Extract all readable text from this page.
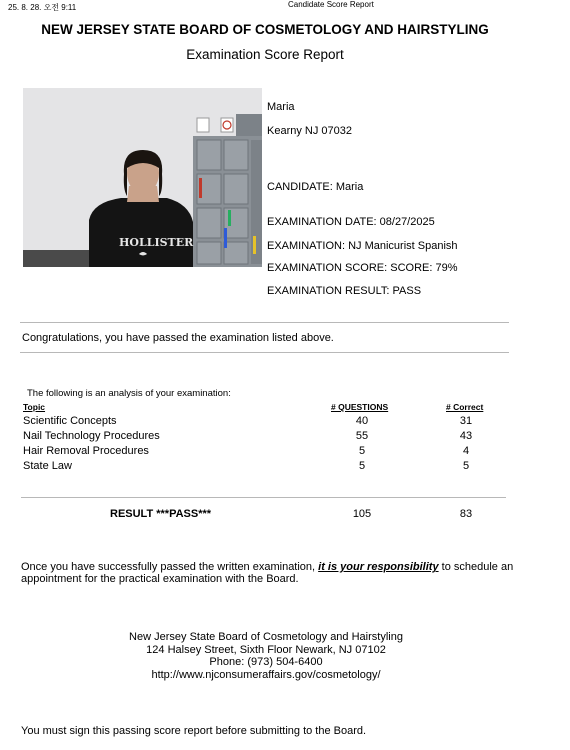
25. 8. 28. 오전 9:11	Candidate Score Report
NEW JERSEY STATE BOARD OF COSMETOLOGY AND HAIRSTYLING
Examination Score Report
HOLLISTER
Maria
Kearny NJ 07032
CANDIDATE: Maria
EXAMINATION DATE: 08/27/2025
EXAMINATION: NJ Manicurist Spanish
EXAMINATION SCORE: SCORE: 79%
EXAMINATION RESULT: PASS
Congratulations, you have passed the examination listed above.
The following is an analysis of your examination:
Topic	# QUESTIONS	# Correct
Scientific Concepts	40	31
Nail Technology Procedures	55	43
Hair Removal Procedures	5	4
State Law	5	5
RESULT ***PASS***	105	83
Once you have successfully passed the written examination, it is your responsibility to schedule an appointment for the practical examination with the Board.
New Jersey State Board of Cosmetology and Hairstyling
124 Halsey Street, Sixth Floor Newark, NJ 07102
Phone: (973) 504-6400
http://www.njconsumeraffairs.gov/cosmetology/
You must sign this passing score report before submitting to the Board.
